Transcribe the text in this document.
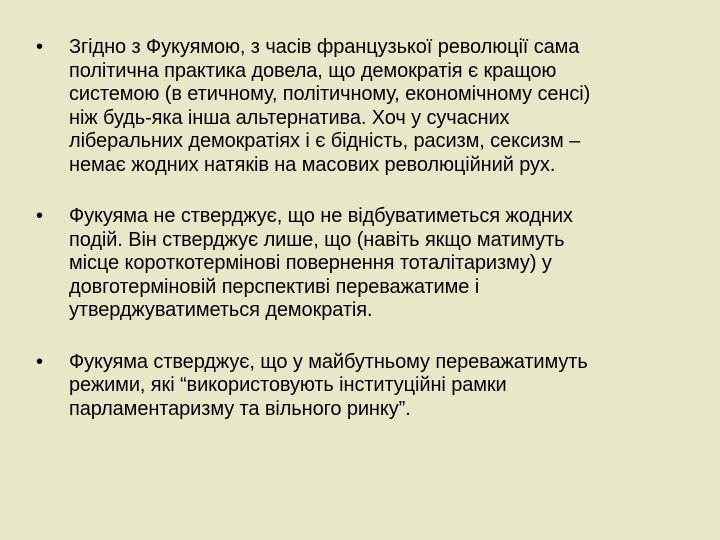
•	Згідно з Фукуямою, з часів французької революції сама
політична практика довела, що демократія є кращою
системою (в етичному, політичному, економічному сенсі)
ніж будь-яка інша альтернатива. Хоч у сучасних
ліберальних демократіях і є бідність, расизм, сексизм –
немає жодних натяків на масових революційний рух.
•	Фукуяма не стверджує, що не відбуватиметься жодних
подій. Він стверджує лише, що (навіть якщо матимуть
місце короткотермінові повернення тоталітаризму) у
довготерміновій перспективі переважатиме і
утверджуватиметься демократія.
•	Фукуяма стверджує, що у майбутньому переважатимуть
режими, які “використовують інституційні рамки
парламентаризму та вільного ринку”.
